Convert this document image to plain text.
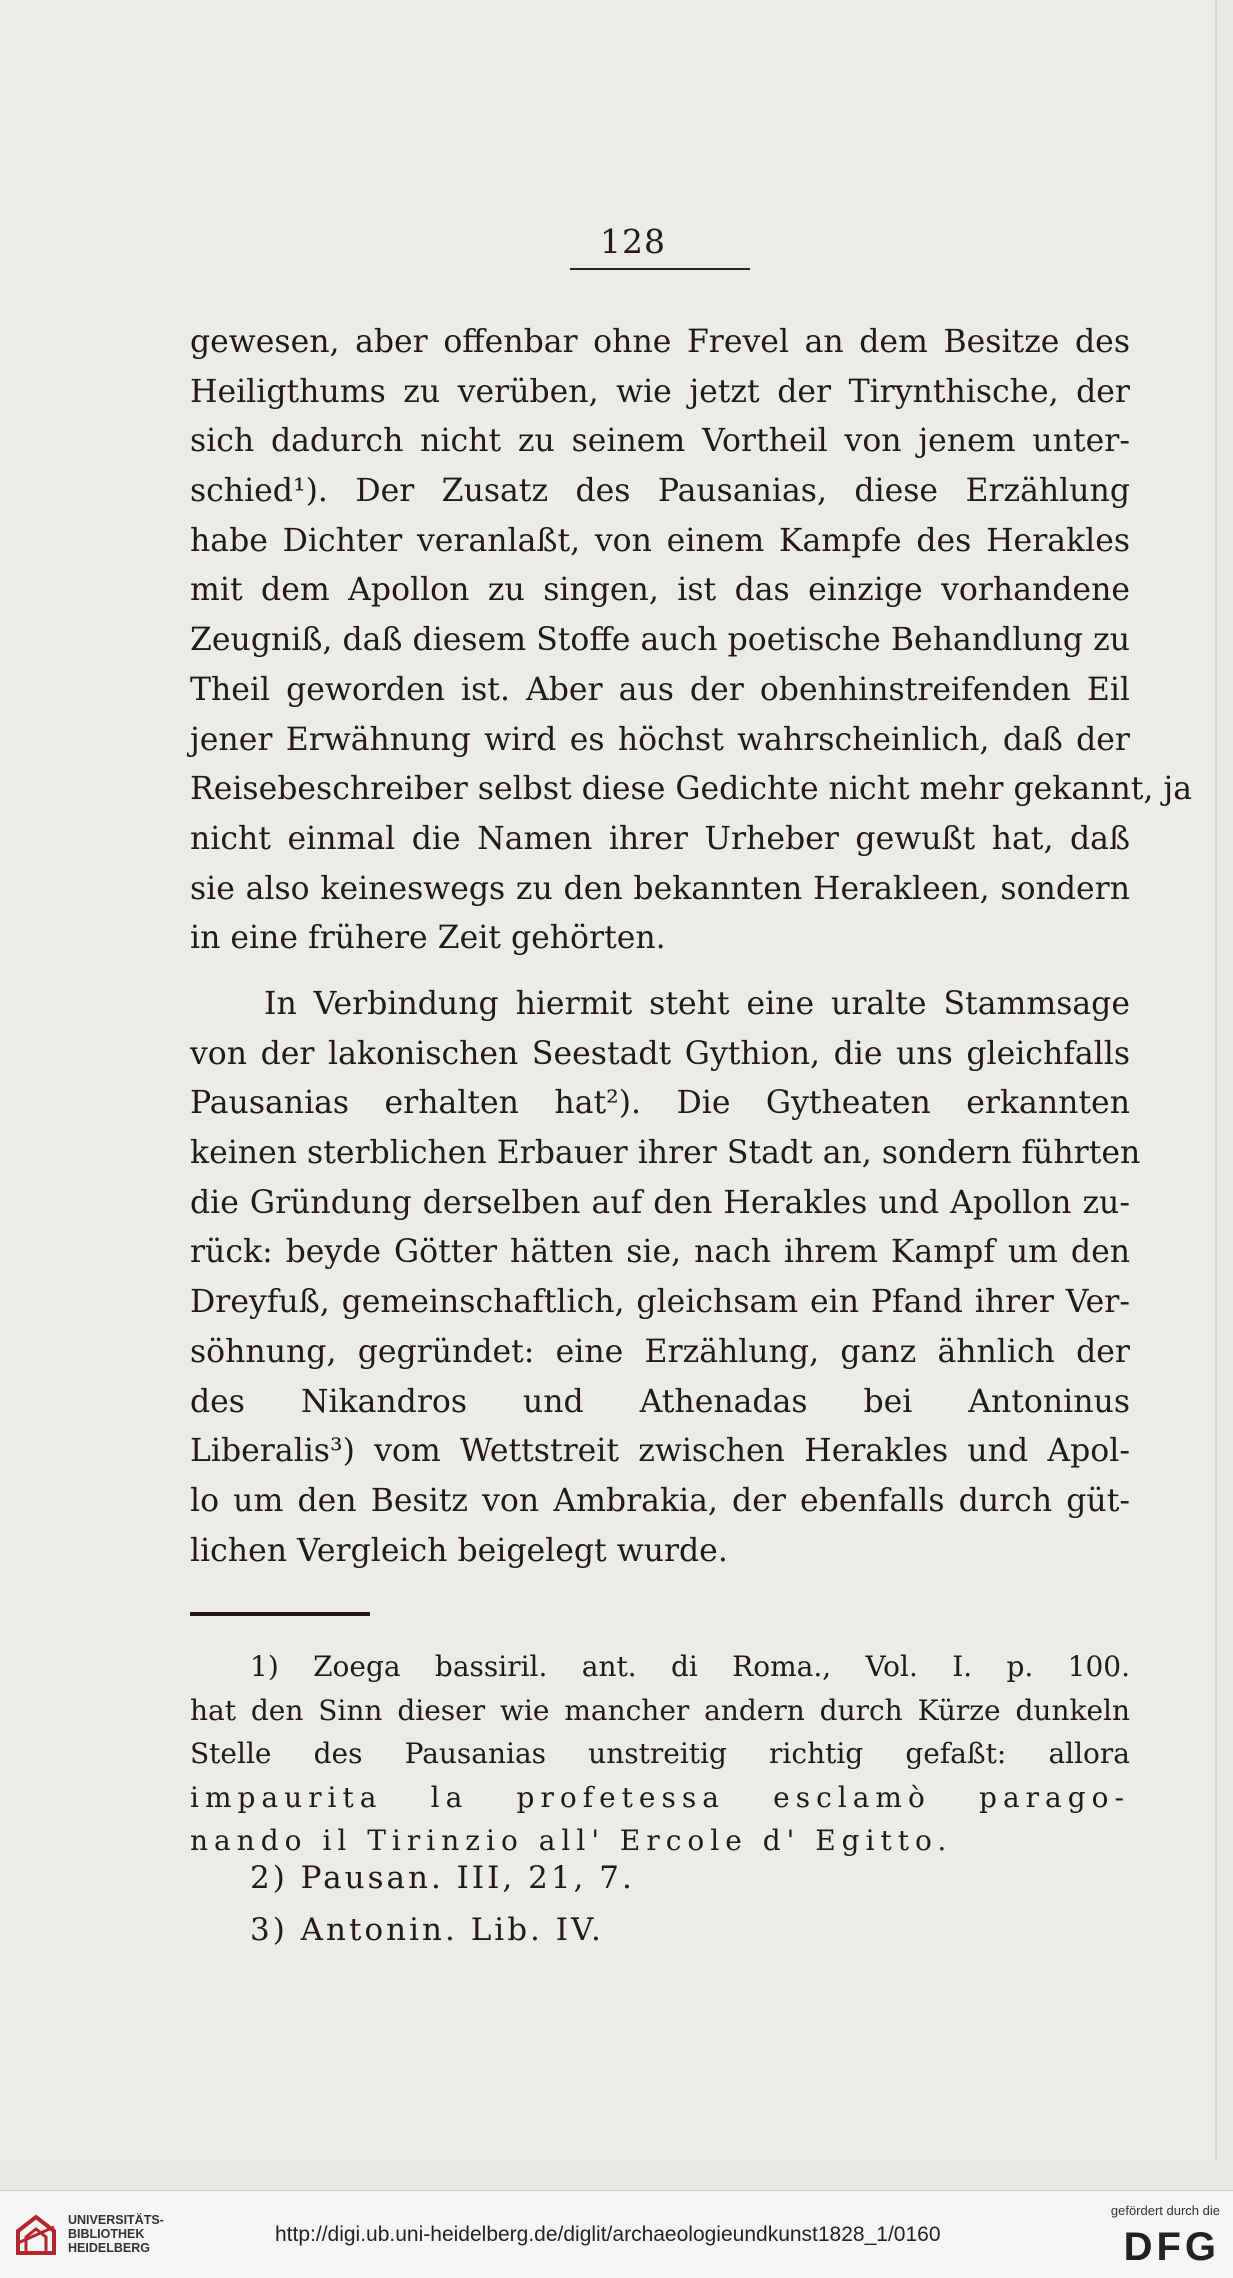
128
gewesen, aber offenbar ohne Frevel an dem Besitze des
Heiligthums zu verüben, wie jetzt der Tirynthische, der
sich dadurch nicht zu seinem Vortheil von jenem unter-
schied¹). Der Zusatz des Pausanias, diese Erzählung
habe Dichter veranlaßt, von einem Kampfe des Herakles
mit dem Apollon zu singen, ist das einzige vorhandene
Zeugniß, daß diesem Stoffe auch poetische Behandlung zu
Theil geworden ist. Aber aus der obenhinstreifenden Eil
jener Erwähnung wird es höchst wahrscheinlich, daß der
Reisebeschreiber selbst diese Gedichte nicht mehr gekannt, ja
nicht einmal die Namen ihrer Urheber gewußt hat, daß
sie also keineswegs zu den bekannten Herakleen, sondern
in eine frühere Zeit gehörten.
In Verbindung hiermit steht eine uralte Stammsage
von der lakonischen Seestadt Gythion, die uns gleichfalls
Pausanias erhalten hat²). Die Gytheaten erkannten
keinen sterblichen Erbauer ihrer Stadt an, sondern führten
die Gründung derselben auf den Herakles und Apollon zu-
rück: beyde Götter hätten sie, nach ihrem Kampf um den
Dreyfuß, gemeinschaftlich, gleichsam ein Pfand ihrer Ver-
söhnung, gegründet: eine Erzählung, ganz ähnlich der
des Nikandros und Athenadas bei Antoninus
Liberalis³) vom Wettstreit zwischen Herakles und Apol-
lo um den Besitz von Ambrakia, der ebenfalls durch güt-
lichen Vergleich beigelegt wurde.
1) Zoega bassiril. ant. di Roma., Vol. I. p. 100.
hat den Sinn dieser wie mancher andern durch Kürze dunkeln
Stelle des Pausanias unstreitig richtig gefaßt: allora
impaurita la profetessa esclamò parago-
nando il Tirinzio all' Ercole d' Egitto.
2) Pausan. III, 21, 7.
3) Antonin. Lib. IV.
UNIVERSITÄTS-
BIBLIOTHEK
HEIDELBERG
http://digi.ub.uni-heidelberg.de/diglit/archaeologieundkunst1828_1/0160
gefördert durch die
DFG
